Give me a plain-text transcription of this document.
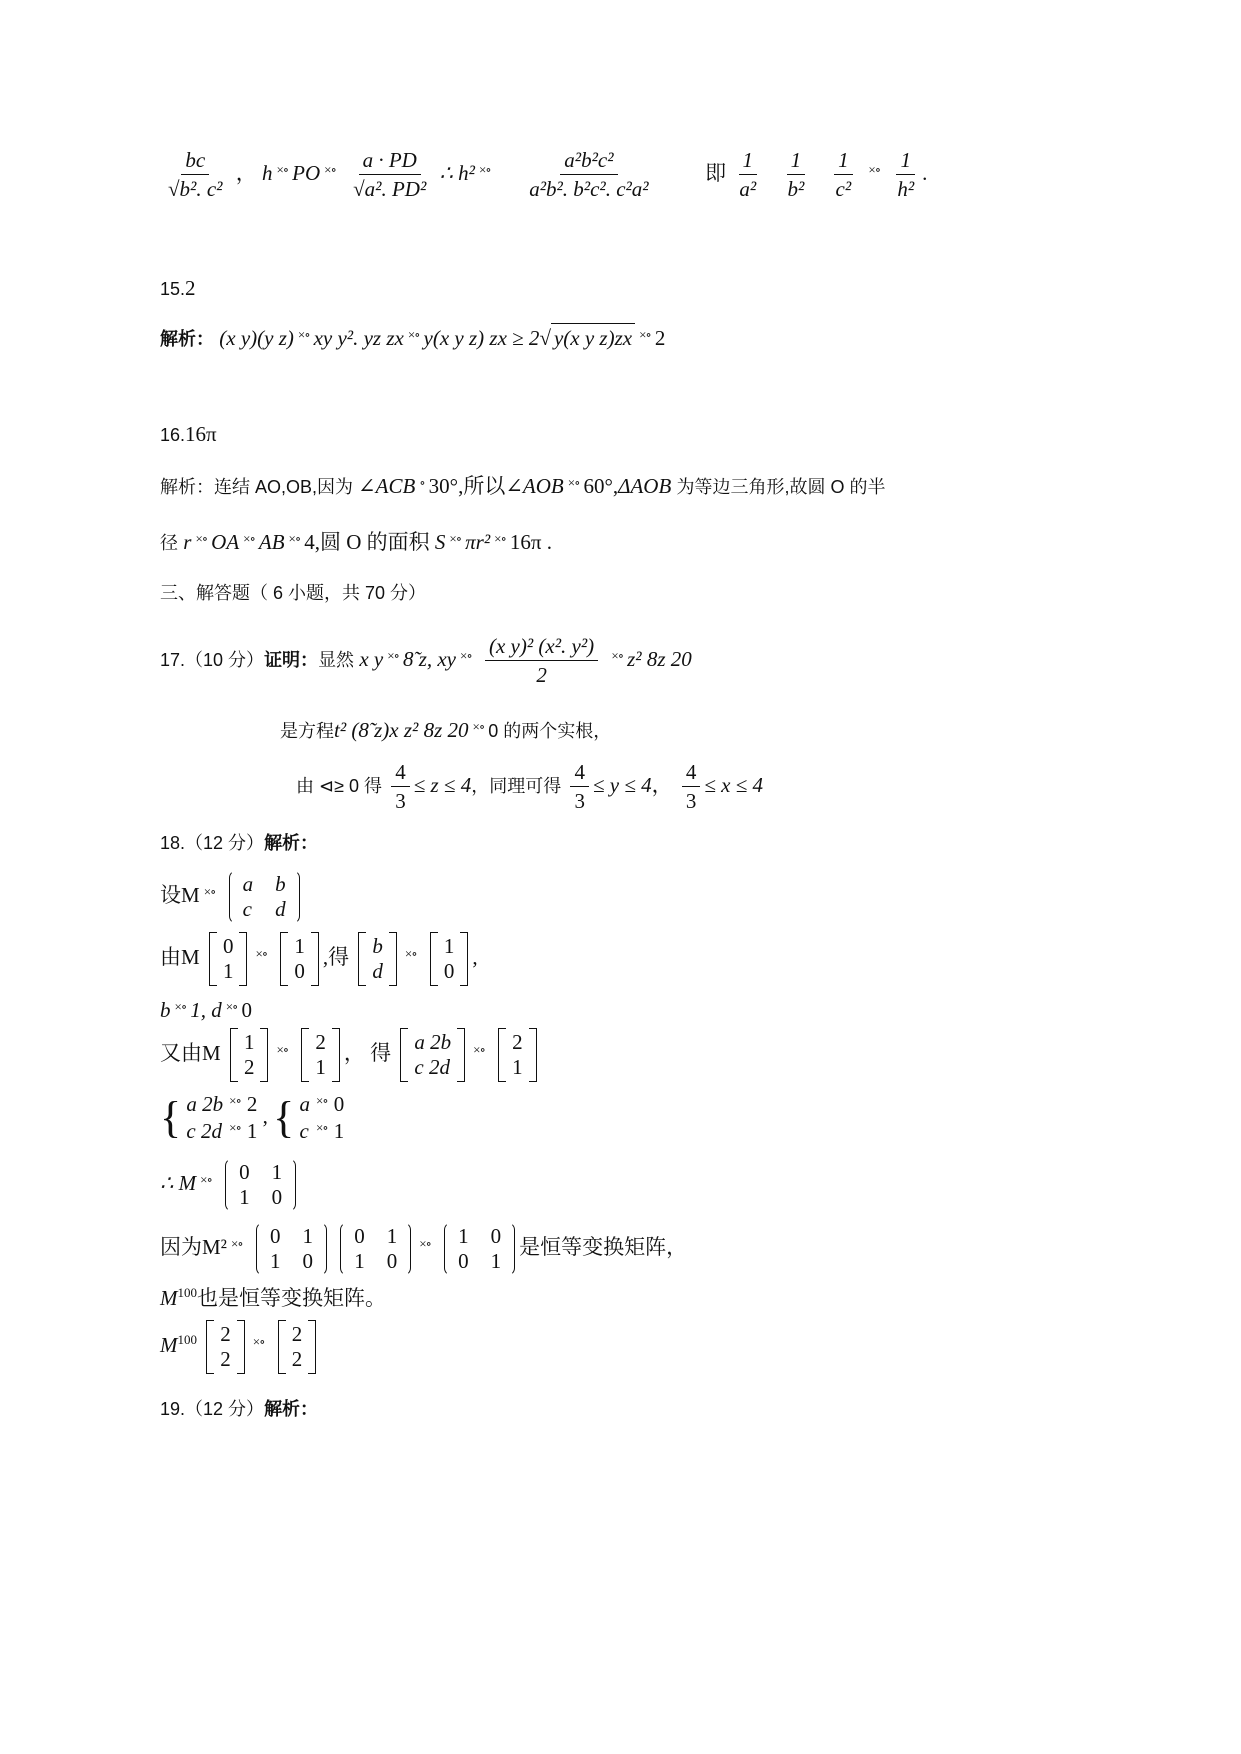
$\frac{bc}{\text{√b². c²}}$ ， h ×∘ PO $^{\times\circ} \frac{a \cdot PD}{\text{√a². PD²}}$ ∴ h² $^{\times\circ} \frac{\text{a²b²c²}}{\text{a²b². b²c². c²a²}}$ 即 $\frac{1}{\text{a²}}$
$\frac{1}{\text{b²}}$
$\frac{1}{\text{c²}} ^{\times\circ} \frac{1}{\text{h²}}$ .
15.2
解析： (x y)(y z) ×∘ xy y². yz zx ×∘ y(x y z) zx ≥ 2√ y(x y z)zx ×∘ 2
16.16π
解析：连结 AO,OB,因为 ∠ACB ∘ 30°,所以∠AOB ×∘ 60°,ΔAOB 为等边三角形,故圆 O 的半
径 r ×∘ OA ×∘ AB ×∘ 4,圆 O 的面积 S ×∘ πr² ×∘ 16π .
三、解答题（ 6 小题，共 70 分）
17.（10 分）证明：显然 x y ×∘ 8̃ z, xy $^{\times\circ} \frac{\text{(x y)² (x². y²)}}{2} ^{\times\circ}$ z² 8z 20
是方程t² (8̃ z)x z² 8z 20 ×∘ 0 的两个实根，
由 ⊲≥ 0 得 $\frac{4}{3} \le z \le 4$，同理可得 $\frac{4}{3} \le y \le 4$， $\frac{4}{3} \le x \le 4$
18.（12 分）解析：
设M ×∘ a b
c d
由M 0
1
×∘ 1
0
,得 b
d
×∘ 1
0
,
b ×∘ 1, d ×∘ 0
又由M 1
2
×∘ 2
1
， 得 a 2b
c 2d
×∘ 2
1
{ a 2b ×∘ 2
c 2d ×∘ 1
, { a ×∘ 0
c ×∘ 1
∴ M ×∘ 0 1
1 0
因为M² ×∘ 0 1
1 0

0 1
1 0
×∘ 1 0
0 1
是恒等变换矩阵，
$M^{100}$也是恒等变换矩阵。
$M^{100}$ 2
2
×∘ 2
2
19.（12 分）解析：
